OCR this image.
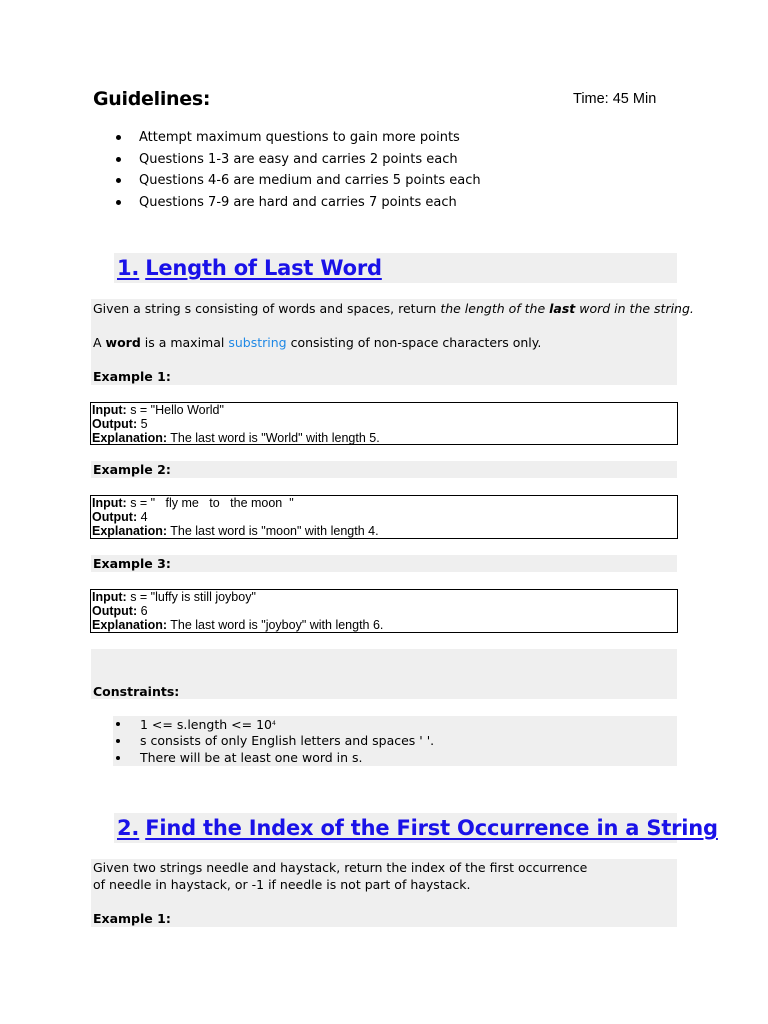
Guidelines:	Time: 45 Min
Attempt maximum questions to gain more points
Questions 1-3 are easy and carries 2 points each
Questions 4-6 are medium and carries 5 points each
Questions 7-9 are hard and carries 7 points each
1. Length of Last Word
Given a string s consisting of words and spaces, return the length of the last word in the string.
A word is a maximal substring consisting of non-space characters only.
Example 1:
Input: s = "Hello World"
Output: 5
Explanation: The last word is "World" with length 5.
Example 2:
Input: s = "   fly me   to   the moon  "
Output: 4
Explanation: The last word is "moon" with length 4.
Example 3:
Input: s = "luffy is still joyboy"
Output: 6
Explanation: The last word is "joyboy" with length 6.
Constraints:
1 <= s.length <= $10^4$
s consists of only English letters and spaces ' '.
There will be at least one word in s.
2. Find the Index of the First Occurrence in a String
Given two strings needle and haystack, return the index of the first occurrence
of needle in haystack, or -1 if needle is not part of haystack.
Example 1:
